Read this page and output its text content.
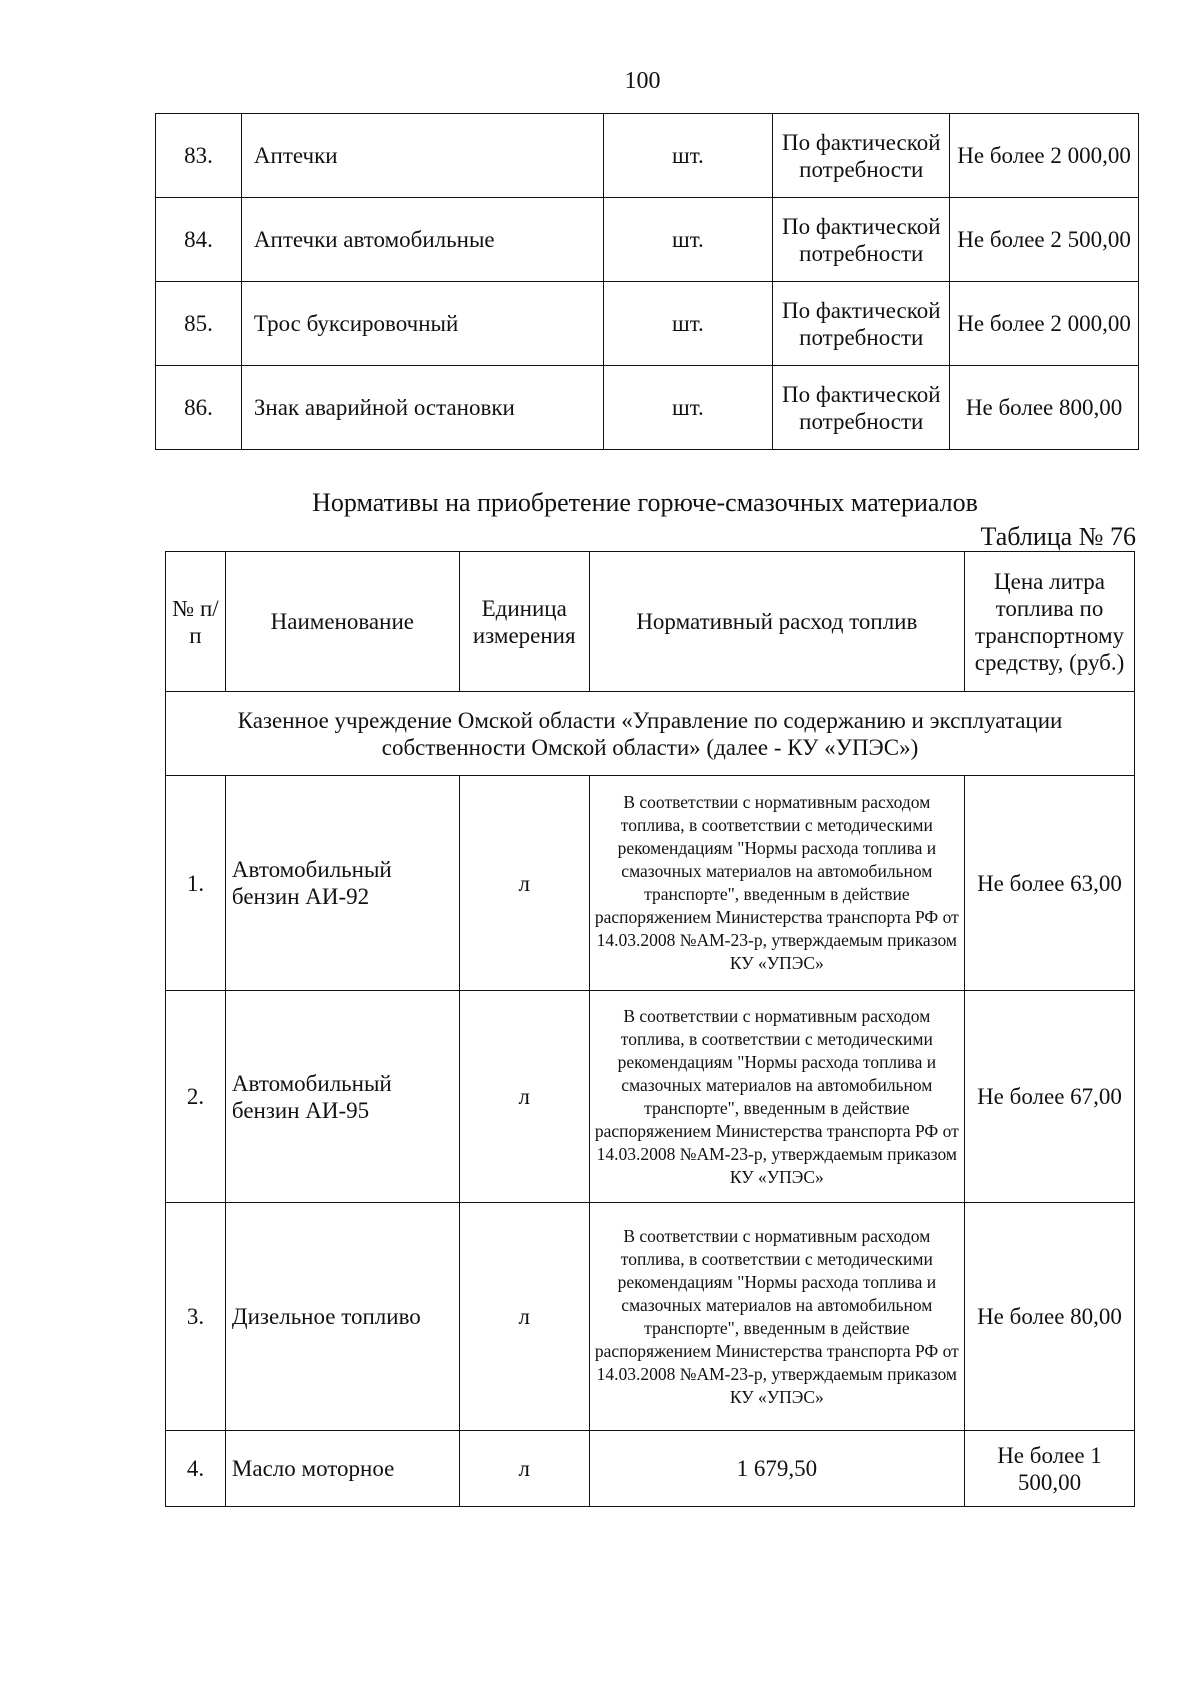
100
83.	Аптечки	шт.	По фактической потребности	Не более 2 000,00
84.	Аптечки автомобильные	шт.	По фактической потребности	Не более 2 500,00
85.	Трос буксировочный	шт.	По фактической потребности	Не более 2 000,00
86.	Знак аварийной остановки	шт.	По фактической потребности	Не более 800,00
Нормативы на приобретение горюче-смазочных материалов
Таблица № 76
№ п/п	Наименование	Единица измерения	Нормативный расход топлив	Цена литра топлива по транспортному средству, (руб.)
Казенное учреждение Омской области «Управление по содержанию и эксплуатации собственности Омской области» (далее - КУ «УПЭС»)				
1.	Автомобильный бензин АИ-92	л	В соответствии с нормативным расходом топлива, в соответствии с методическими рекомендациям "Нормы расхода топлива и смазочных материалов на автомобильном транспорте", введенным в действие распоряжением Министерства транспорта РФ от 14.03.2008 №АМ-23-р, утверждаемым приказом КУ «УПЭС»	Не более 63,00
2.	Автомобильный бензин АИ-95	л	В соответствии с нормативным расходом топлива, в соответствии с методическими рекомендациям "Нормы расхода топлива и смазочных материалов на автомобильном транспорте", введенным в действие распоряжением Министерства транспорта РФ от 14.03.2008 №АМ-23-р, утверждаемым приказом КУ «УПЭС»	Не более 67,00
3.	Дизельное топливо	л	В соответствии с нормативным расходом топлива, в соответствии с методическими рекомендациям "Нормы расхода топлива и смазочных материалов на автомобильном транспорте", введенным в действие распоряжением Министерства транспорта РФ от 14.03.2008 №АМ-23-р, утверждаемым приказом КУ «УПЭС»	Не более 80,00
4.	Масло моторное	л	1 679,50	Не более 1 500,00
